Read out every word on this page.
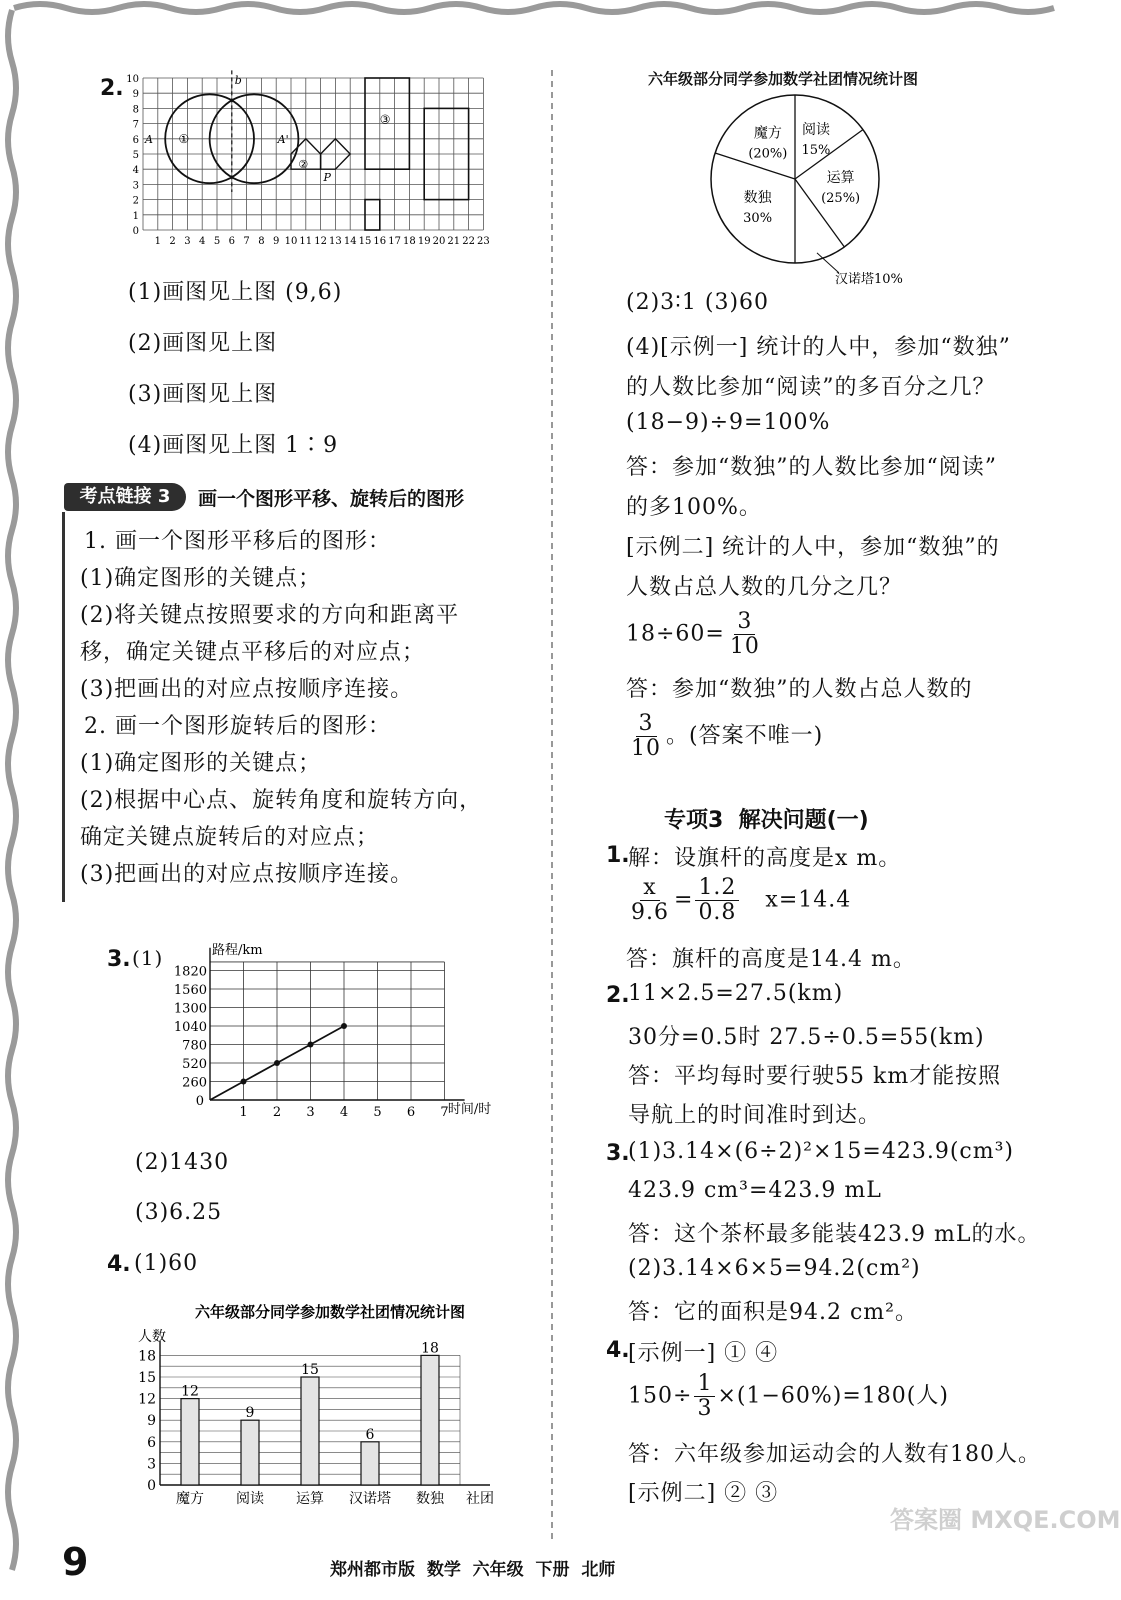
2.
1 2 3 4 5 6 7 8 9 10 11 12 13 14 15 16 17 18 19 20 21 22 23
0
1
2
3
4
5
6
7
8
9
10	b
A	A'
①
②
P
③
(1)画图见上图 (9,6)
(2)画图见上图
(3)画图见上图
(4)画图见上图 1∶9
考点链接 3	画一个图形平移、旋转后的图形
1. 画一个图形平移后的图形：
(1)确定图形的关键点；
(2)将关键点按照要求的方向和距离平
移，确定关键点平移后的对应点；
(3)把画出的对应点按顺序连接。
2. 画一个图形旋转后的图形：
(1)确定图形的关键点；
(2)根据中心点、旋转角度和旋转方向，
确定关键点旋转后的对应点；
(3)把画出的对应点按顺序连接。
3. (1)	路程/km
时间/时
0
1 2 3 4 5 6 7
260
520
780
1040
1300
1560
1820
(2)1430
(3)6.25
4. (1)60
六年级部分同学参加数学社团情况统计图
人数
0
3
6
9
12
15
18
12
魔方
9
阅读
15
运算
6
汉诺塔
18
数独 社团
9	郑州都市版  数学  六年级  下册  北师
六年级部分同学参加数学社团情况统计图
阅读
15%
运算
(25%)
汉诺塔10%
数独
30%
魔方
(20%)
(2)3∶1 (3)60
(4)[示例一] 统计的人中，参加“数独”
的人数比参加“阅读”的多百分之几？
(18−9)÷9=100%
答：参加“数独”的人数比参加“阅读”
的多100%。
[示例二] 统计的人中，参加“数独”的
人数占总人数的几分之几？
$18\div 60= \frac{3}{10}$
答：参加“数独”的人数占总人数的
$\frac{3}{10}$ 。(答案不唯一)
专项3  解决问题(一)
1.
解：设旗杆的高度是x m。
$\frac{x}{9.6} = \frac{1.2}{0.8} x=14.4$
答：旗杆的高度是14.4 m。
2.
11×2.5=27.5(km)
30分=0.5时 27.5÷0.5=55(km)
答：平均每时要行驶55 km才能按照
导航上的时间准时到达。
3.
(1)3.14×(6÷2)²×15=423.9(cm³)
423.9 cm³=423.9 mL
答：这个茶杯最多能装423.9 mL的水。
(2)3.14×6×5=94.2(cm²)
答：它的面积是94.2 cm²。
4.
[示例一] ① ④
$150\div \frac{1}{3} \times(1-60\%)=180$(人)
答：六年级参加运动会的人数有180人。
[示例二] ② ③
答案圈 MXQE.COM
